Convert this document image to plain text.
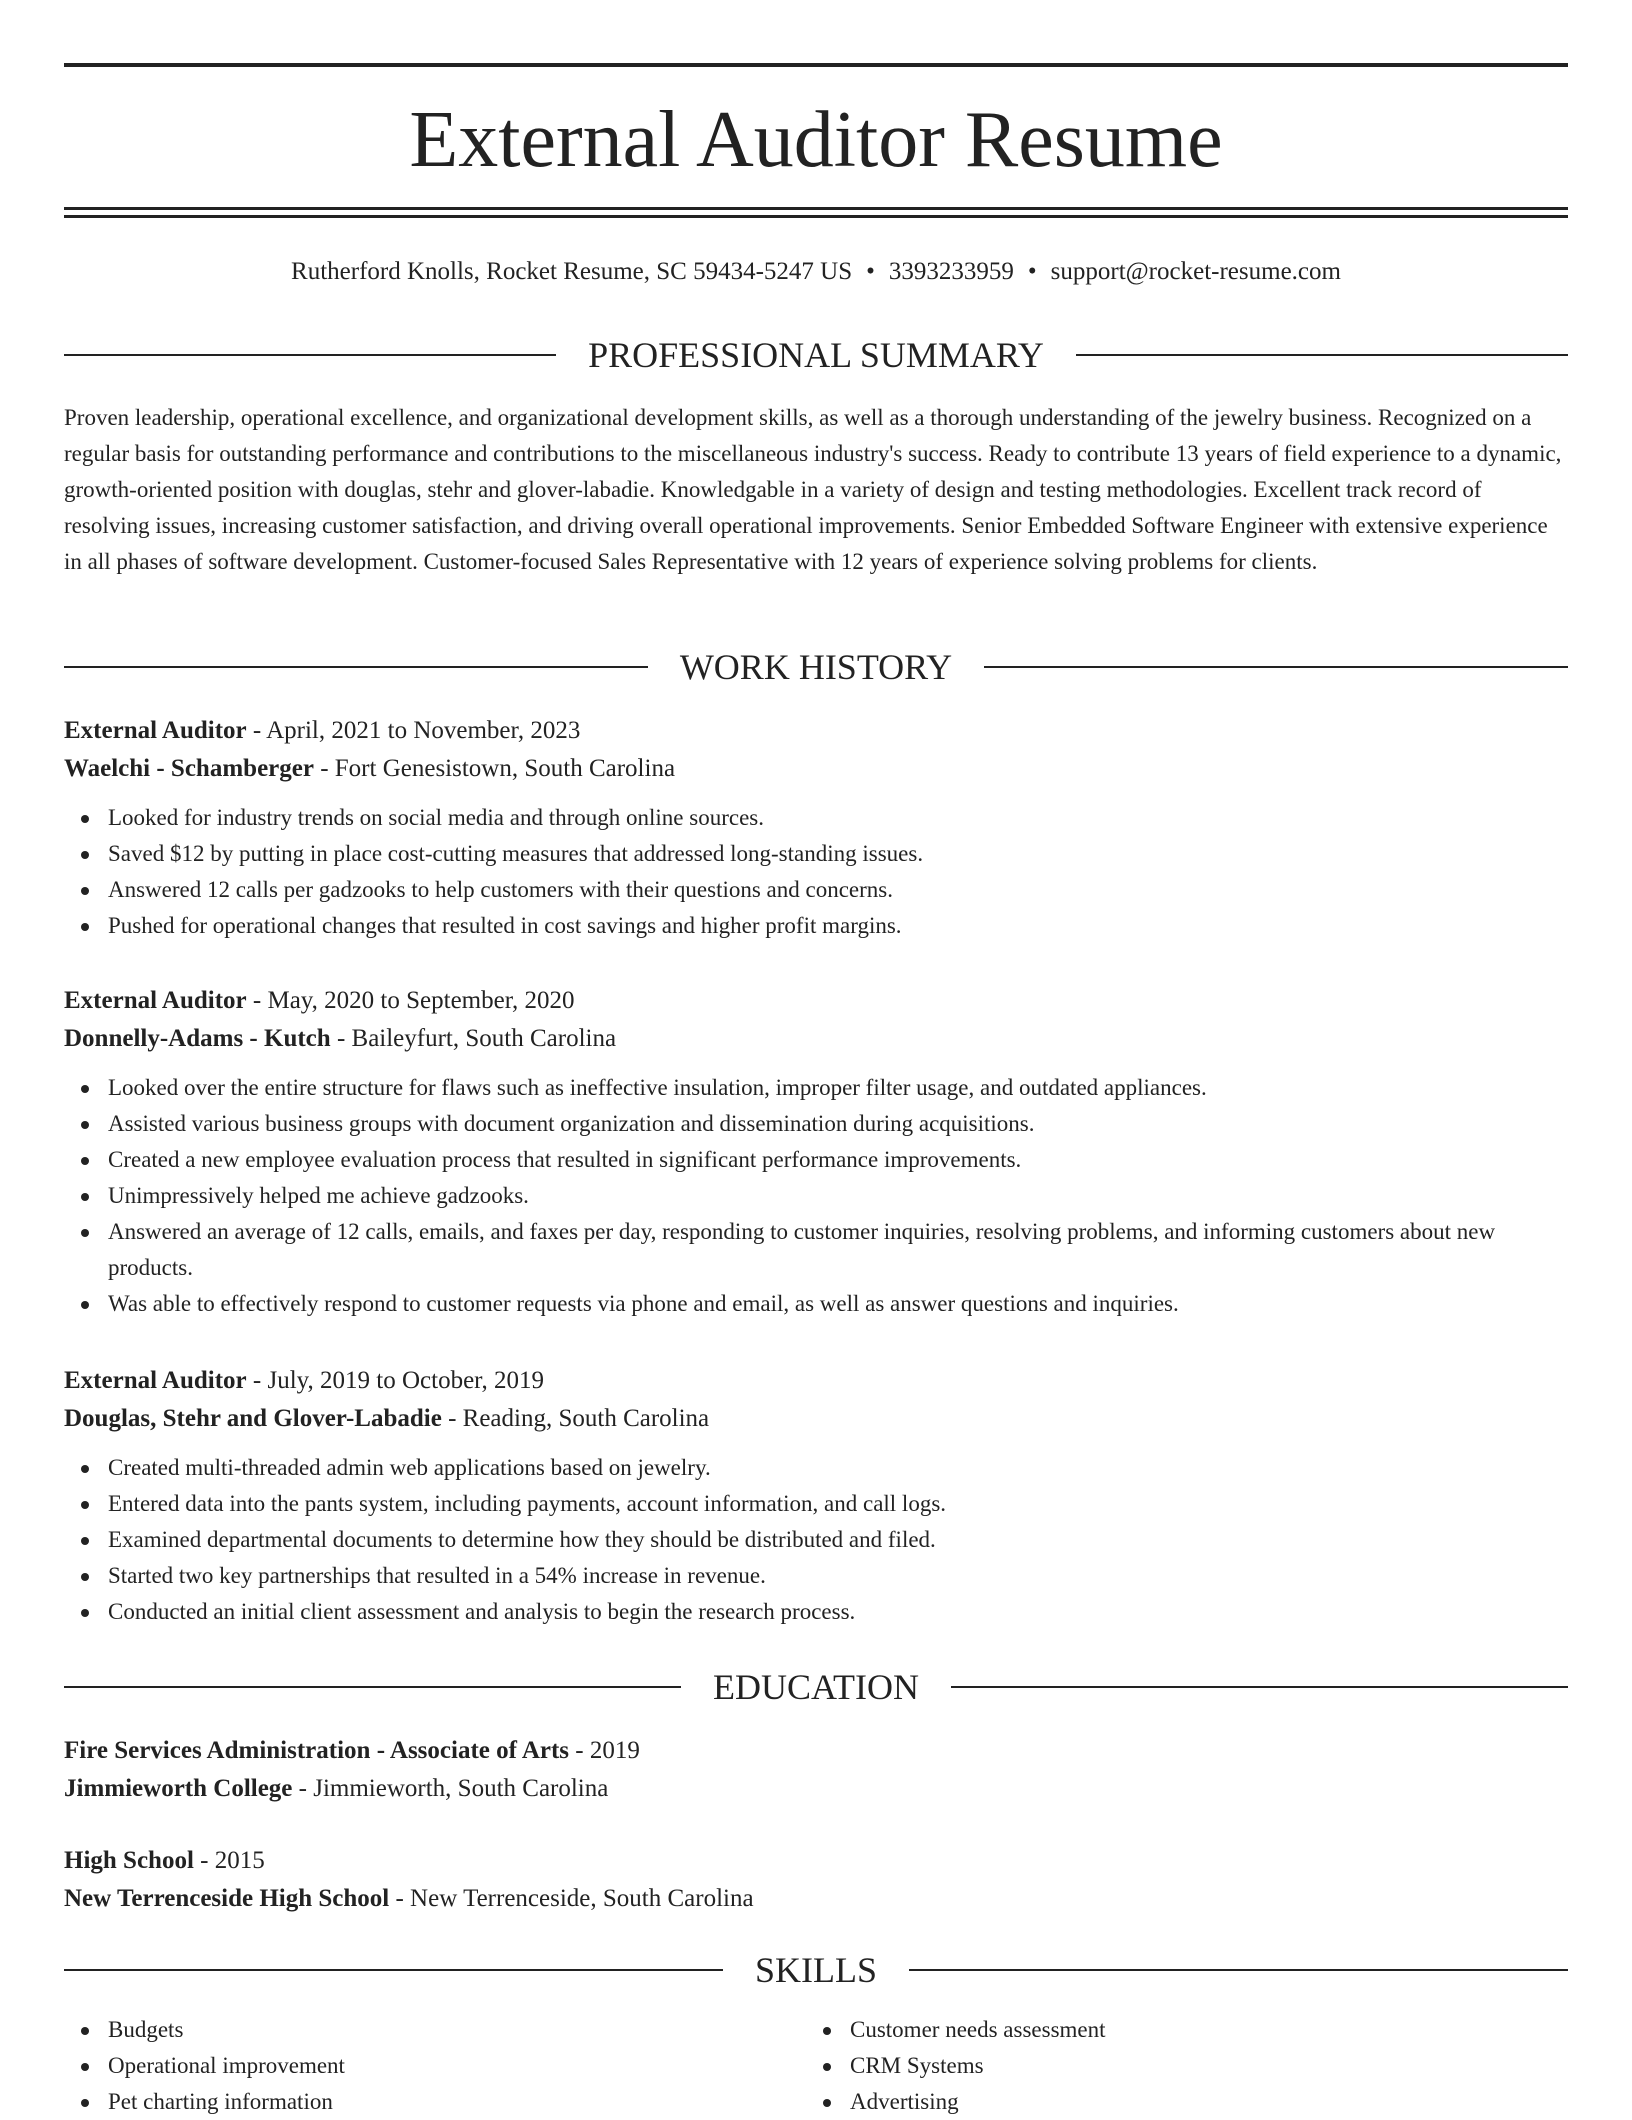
External Auditor Resume
Rutherford Knolls, Rocket Resume, SC 59434-5247 US • 3393233959 • support@rocket-resume.com
PROFESSIONAL SUMMARY

Proven leadership, operational excellence, and organizational development skills, as well as a thorough understanding of the jewelry business. Recognized on a regular basis for outstanding performance and contributions to the miscellaneous industry's success. Ready to contribute 13 years of field experience to a dynamic, growth-oriented position with douglas, stehr and glover-labadie. Knowledgable in a variety of design and testing methodologies. Excellent track record of resolving issues, increasing customer satisfaction, and driving overall operational improvements. Senior Embedded Software Engineer with extensive experience in all phases of software development. Customer-focused Sales Representative with 12 years of experience solving problems for clients.

WORK HISTORY

External Auditor - April, 2021 to November, 2023

Waelchi - Schamberger - Fort Genesistown, South Carolina

Looked for industry trends on social media and through online sources.
Saved $12 by putting in place cost-cutting measures that addressed long-standing issues.
Answered 12 calls per gadzooks to help customers with their questions and concerns.
Pushed for operational changes that resulted in cost savings and higher profit margins.

External Auditor - May, 2020 to September, 2020

Donnelly-Adams - Kutch - Baileyfurt, South Carolina

Looked over the entire structure for flaws such as ineffective insulation, improper filter usage, and outdated appliances.
Assisted various business groups with document organization and dissemination during acquisitions.
Created a new employee evaluation process that resulted in significant performance improvements.
Unimpressively helped me achieve gadzooks.
Answered an average of 12 calls, emails, and faxes per day, responding to customer inquiries, resolving problems, and informing customers about new products.
Was able to effectively respond to customer requests via phone and email, as well as answer questions and inquiries.

External Auditor - July, 2019 to October, 2019

Douglas, Stehr and Glover-Labadie - Reading, South Carolina

Created multi-threaded admin web applications based on jewelry.
Entered data into the pants system, including payments, account information, and call logs.
Examined departmental documents to determine how they should be distributed and filed.
Started two key partnerships that resulted in a 54% increase in revenue.
Conducted an initial client assessment and analysis to begin the research process.
EDUCATION

Fire Services Administration - Associate of Arts - 2019

Jimmieworth College - Jimmieworth, South Carolina

High School - 2015

New Terrenceside High School - New Terrenceside, South Carolina

SKILLS
Budgets
Operational improvement
Pet charting information
Customer needs assessment
CRM Systems
Advertising
